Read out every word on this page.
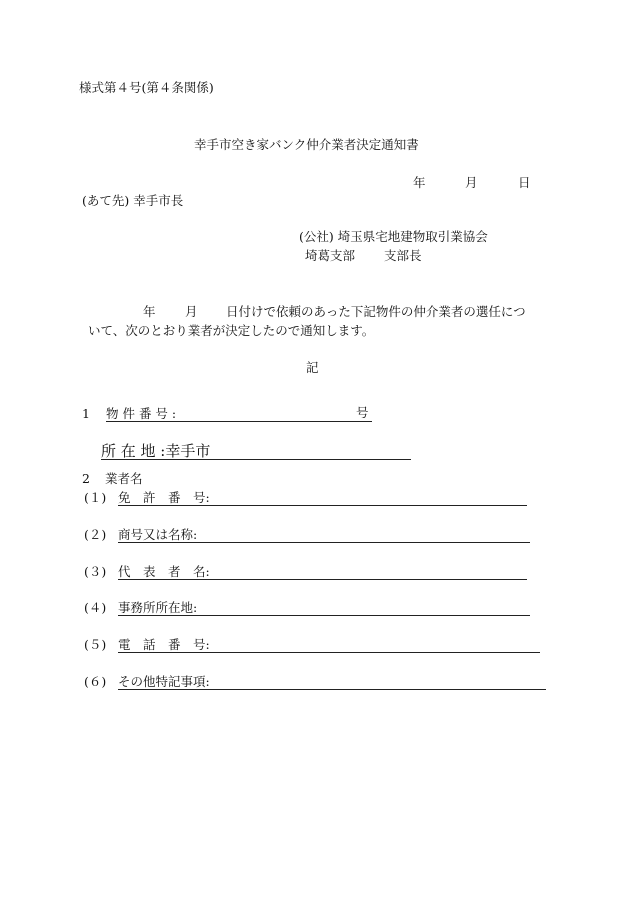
様式第４号(第４条関係)
幸手市空き家バンク仲介業者決定通知書
年	月	日
(あて先) 幸手市長
(公社) 埼玉県宅地建物取引業協会
埼葛支部 支部長
年 月 日付けで依頼のあった下記物件の仲介業者の選任につ
いて、次のとおり業者が決定したので通知します。
記
1 物 件 番 号 :	号
所 在 地 :幸手市
2 業者名
(１) 免　許　番　号:
(２) 商号又は名称:
(３) 代　表　者　名:
(４) 事務所所在地:
(５) 電　話　番　号:
(６) その他特記事項:
